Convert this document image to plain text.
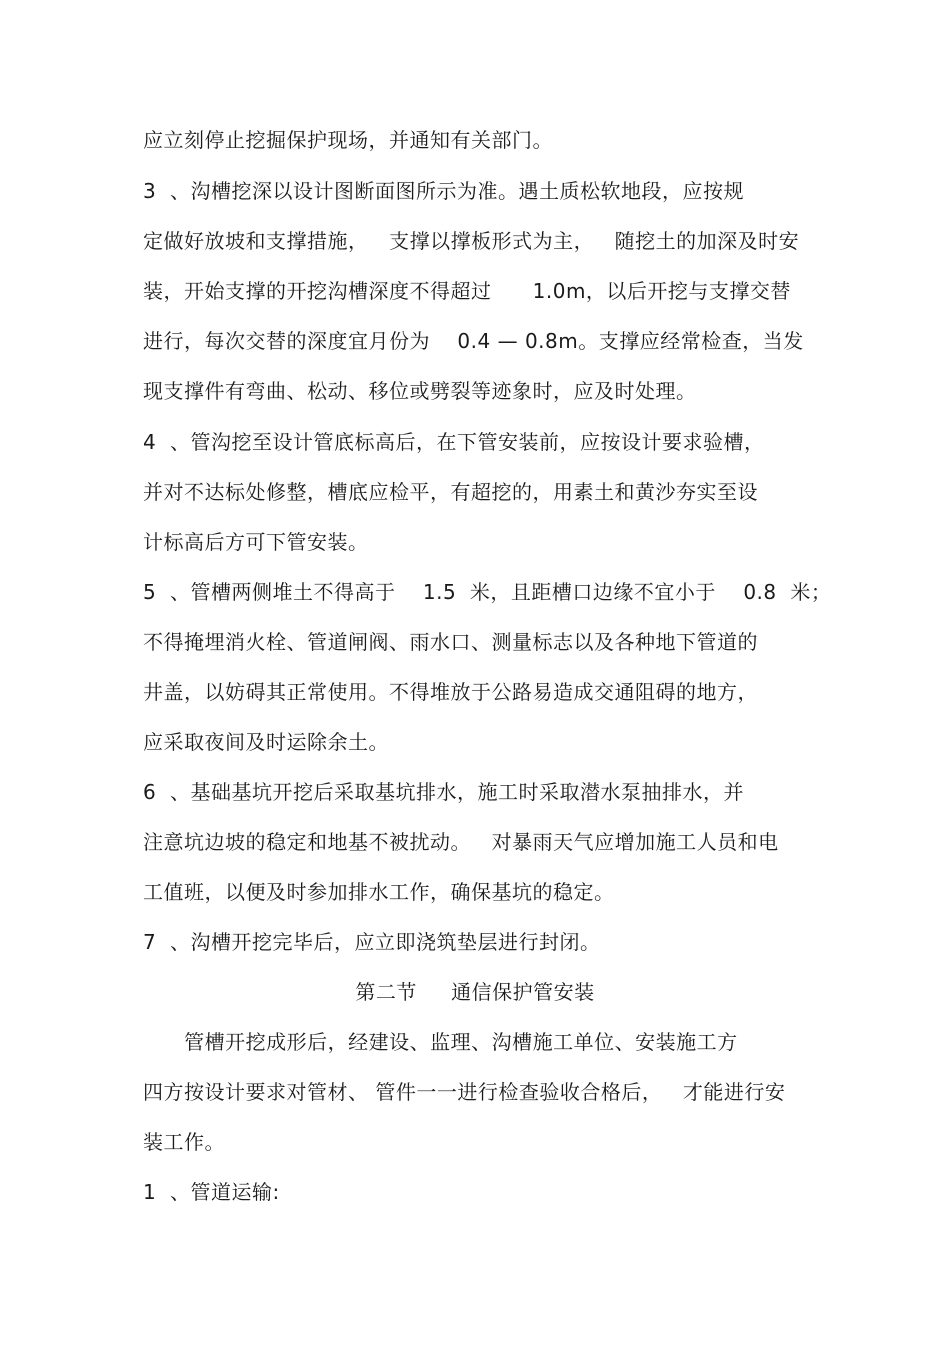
应立刻停止挖掘保护现场，并通知有关部门。
3  、沟槽挖深以设计图断面图所示为准。遇土质松软地段，应按规
定做好放坡和支撑措施，   支撑以撑板形式为主，   随挖土的加深及时安
装，开始支撑的开挖沟槽深度不得超过      1.0m，以后开挖与支撑交替
进行，每次交替的深度宜月份为    0.4 — 0.8m。支撑应经常检查，当发
现支撑件有弯曲、松动、移位或劈裂等迹象时，应及时处理。
4  、管沟挖至设计管底标高后，在下管安装前，应按设计要求验槽，
并对不达标处修整，槽底应检平，有超挖的，用素土和黄沙夯实至设
计标高后方可下管安装。
5  、管槽两侧堆土不得高于    1.5  米，且距槽口边缘不宜小于    0.8  米；
不得掩埋消火栓、管道闸阀、雨水口、测量标志以及各种地下管道的
井盖，以妨碍其正常使用。不得堆放于公路易造成交通阻碍的地方，
应采取夜间及时运除余土。
6  、基础基坑开挖后采取基坑排水，施工时采取潜水泵抽排水，并
注意坑边坡的稳定和地基不被扰动。   对暴雨天气应增加施工人员和电
工值班，以便及时参加排水工作，确保基坑的稳定。
7  、沟槽开挖完毕后，应立即浇筑垫层进行封闭。
第二节     通信保护管安装
管槽开挖成形后，经建设、监理、沟槽施工单位、安装施工方
四方按设计要求对管材、 管件一一进行检查验收合格后，   才能进行安
装工作。
1  、管道运输:
